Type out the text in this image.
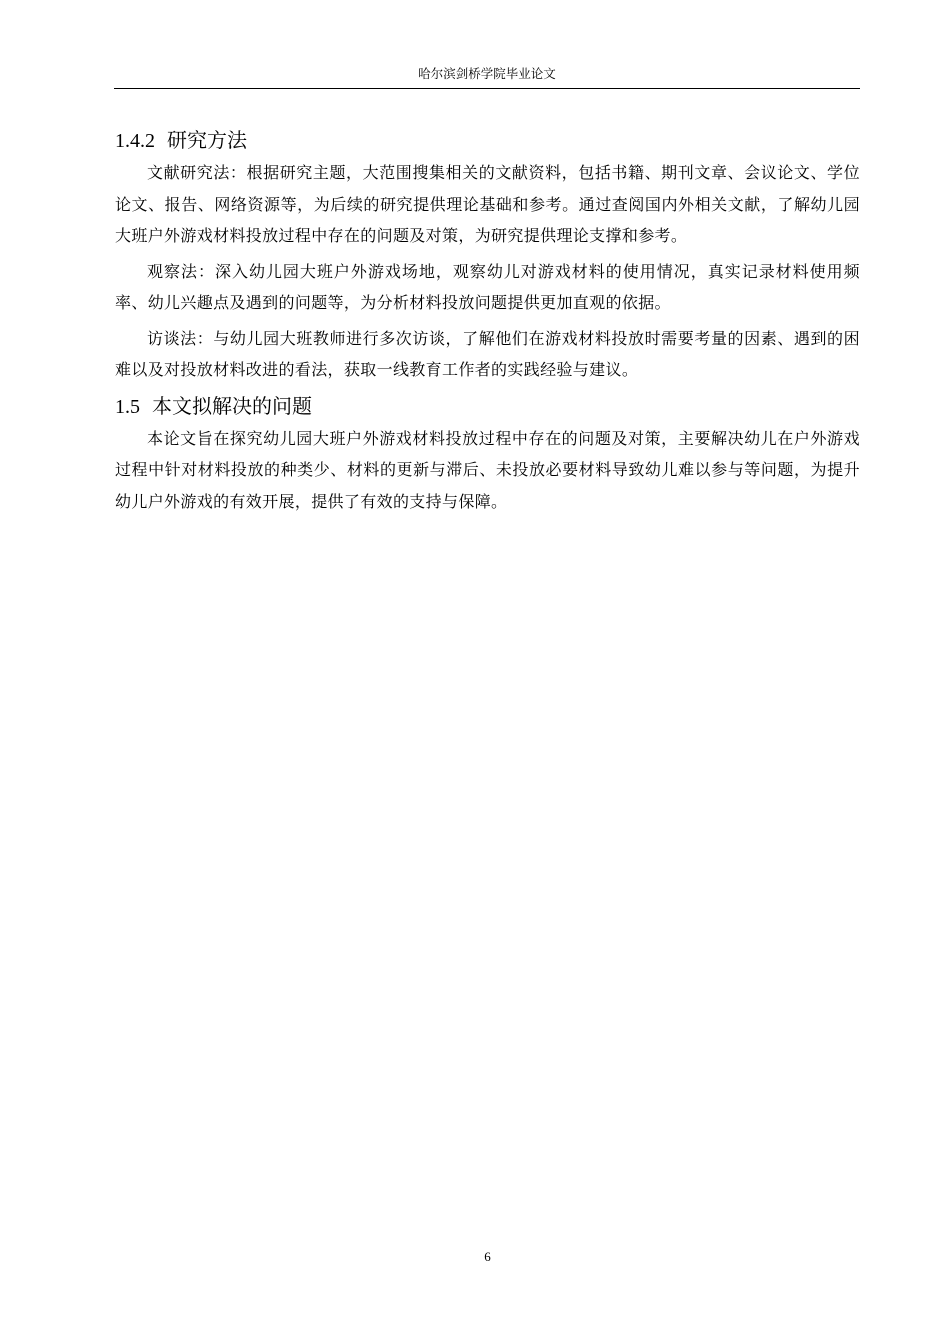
哈尔滨剑桥学院毕业论文
1.4.2 研究方法

文献研究法：根据研究主题，大范围搜集相关的文献资料，包括书籍、期刊文章、会议论文、学位论文、报告、网络资源等，为后续的研究提供理论基础和参考。通过查阅国内外相关文献，了解幼儿园大班户外游戏材料投放过程中存在的问题及对策，为研究提供理论支撑和参考。

观察法：深入幼儿园大班户外游戏场地，观察幼儿对游戏材料的使用情况，真实记录材料使用频率、幼儿兴趣点及遇到的问题等，为分析材料投放问题提供更加直观的依据。

访谈法：与幼儿园大班教师进行多次访谈，了解他们在游戏材料投放时需要考量的因素、遇到的困难以及对投放材料改进的看法，获取一线教育工作者的实践经验与建议。

1.5 本文拟解决的问题

本论文旨在探究幼儿园大班户外游戏材料投放过程中存在的问题及对策，主要解决幼儿在户外游戏过程中针对材料投放的种类少、材料的更新与滞后、未投放必要材料导致幼儿难以参与等问题，为提升幼儿户外游戏的有效开展，提供了有效的支持与保障。

6
